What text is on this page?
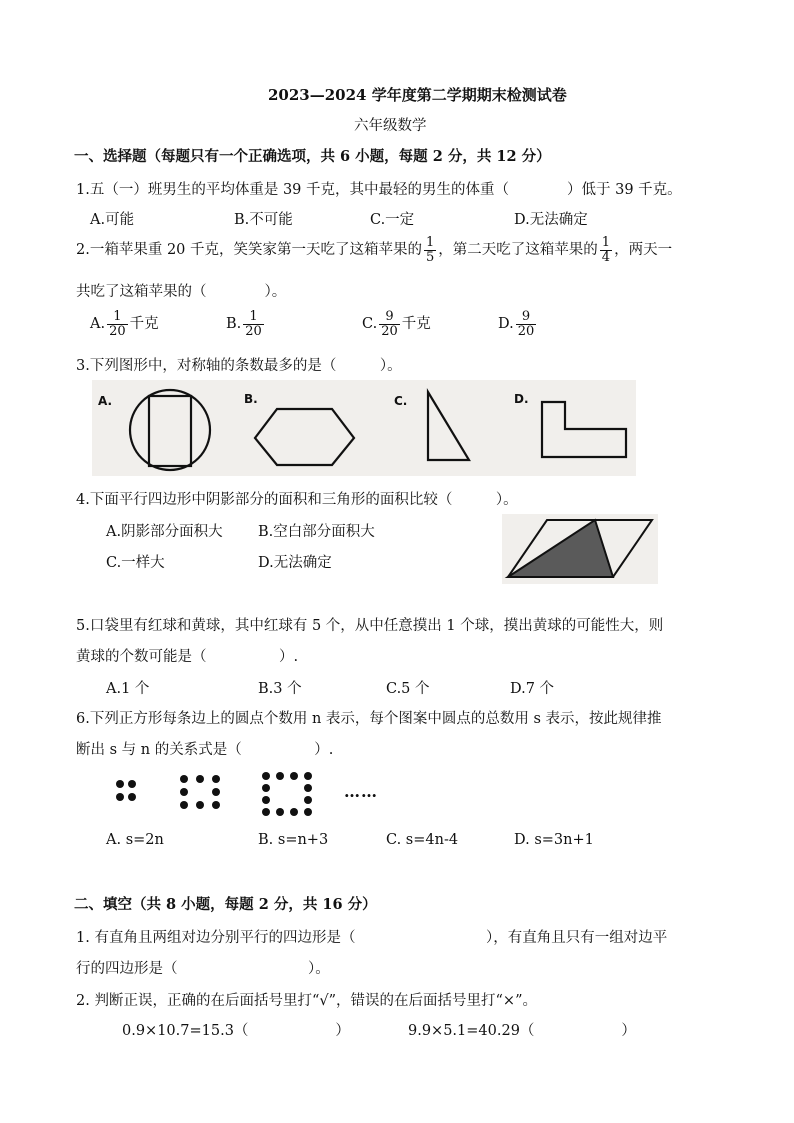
2023—2024 学年度第二学期期末检测试卷
六年级数学
一、选择题（每题只有一个正确选项，共 6 小题，每题 2 分，共 12 分）
1.五（一）班男生的平均体重是 39 千克，其中最轻的男生的体重（　　　　）低于 39 千克。
A.可能	B.不可能	C.一定	D.无法确定
2.一箱苹果重 20 千克，笑笑家第一天吃了这箱苹果的 $\frac{1}{5}$ ，第二天吃了这箱苹果的 $\frac{1}{4}$ ，两天一
共吃了这箱苹果的（　　　　）。
A. $\frac{1}{20}$ 千克	B. $\frac{1}{20}$	C. $\frac{9}{20}$ 千克	D. $\frac{9}{20}$
3.下列图形中，对称轴的条数最多的是（　　　）。
A.	B.	C.	D.
4.下面平行四边形中阴影部分的面积和三角形的面积比较（　　　）。
A.阴影部分面积大 B.空白部分面积大
C.一样大	D.无法确定
5.口袋里有红球和黄球，其中红球有 5 个，从中任意摸出 1 个球，摸出黄球的可能性大，则
黄球的个数可能是（　　　　　）.
A.1 个	B.3 个	C.5 个	D.7 个
6.下列正方形每条边上的圆点个数用 n 表示，每个图案中圆点的总数用 s 表示，按此规律推
断出 s 与 n 的关系式是（　　　　　）.
……
A. s=2n	B. s=n+3	C. s=4n-4	D. s=3n+1
二、填空（共 8 小题，每题 2 分，共 16 分）
1. 有直角且两组对边分别平行的四边形是（　　　　　　　　　），有直角且只有一组对边平
行的四边形是（　　　　　　　　　）。
2. 判断正误，正确的在后面括号里打“√”，错误的在后面括号里打“×”。
0.9×10.7=15.3（　　　　　　）	9.9×5.1=40.29（　　　　　　）
